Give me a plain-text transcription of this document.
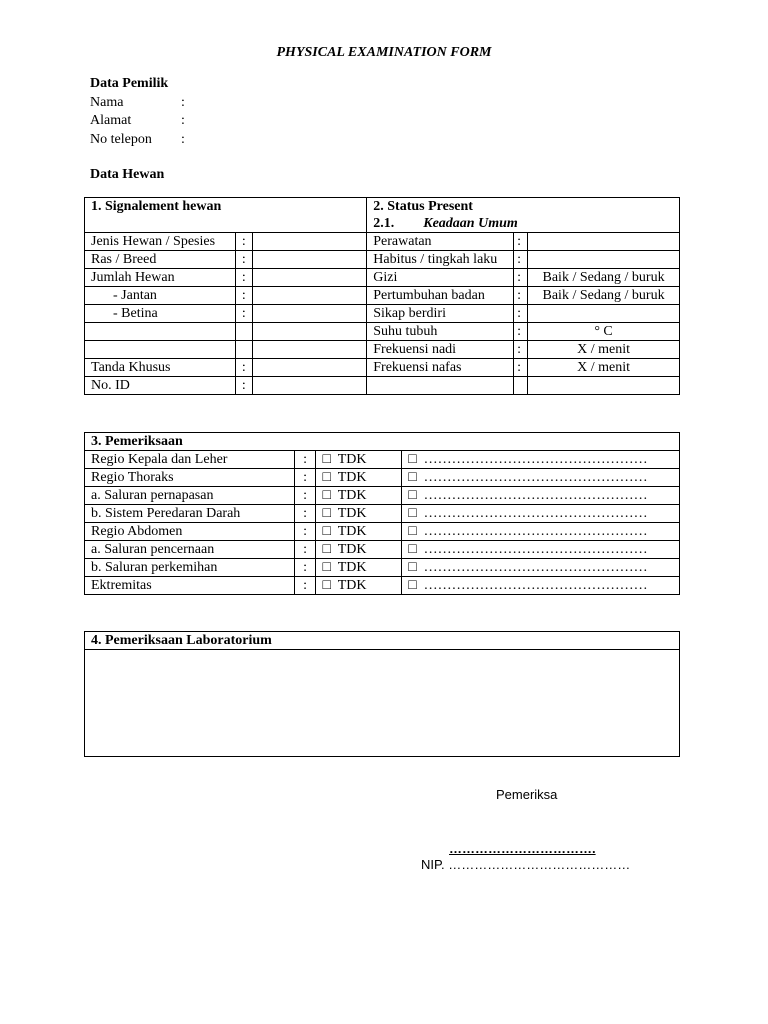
PHYSICAL EXAMINATION FORM
Data Pemilik
Nama	:
Alamat	:
No telepon :
Data Hewan
1. Signalement hewan			2. Status Present		
			2.1. Keadaan Umum		
Jenis Hewan / Spesies	:		Perawatan	:	
Ras / Breed	:		Habitus / tingkah laku	:	
Jumlah Hewan	:		Gizi	:	Baik / Sedang / buruk
- Jantan	:		Pertumbuhan badan	:	Baik / Sedang / buruk
- Betina	:		Sikap berdiri	:	
			Suhu tubuh	:	° C
			Frekuensi nadi	:	X / menit
Tanda Khusus	:		Frekuensi nafas	:	X / menit
No. ID	:				
3. Pemeriksaan			
Regio Kepala dan Leher	:	□ TDK	□ …………………………………………
Regio Thoraks	:	□ TDK	□ …………………………………………
a. Saluran pernapasan	:	□ TDK	□ …………………………………………
b. Sistem Peredaran Darah	:	□ TDK	□ …………………………………………
Regio Abdomen	:	□ TDK	□ …………………………………………
a. Saluran pencernaan	:	□ TDK	□ …………………………………………
b. Saluran perkemihan	:	□ TDK	□ …………………………………………
Ektremitas	:	□ TDK	□ …………………………………………
4. Pemeriksaan Laboratorium

Pemeriksa
…………………………….
NIP. ……………………………………
